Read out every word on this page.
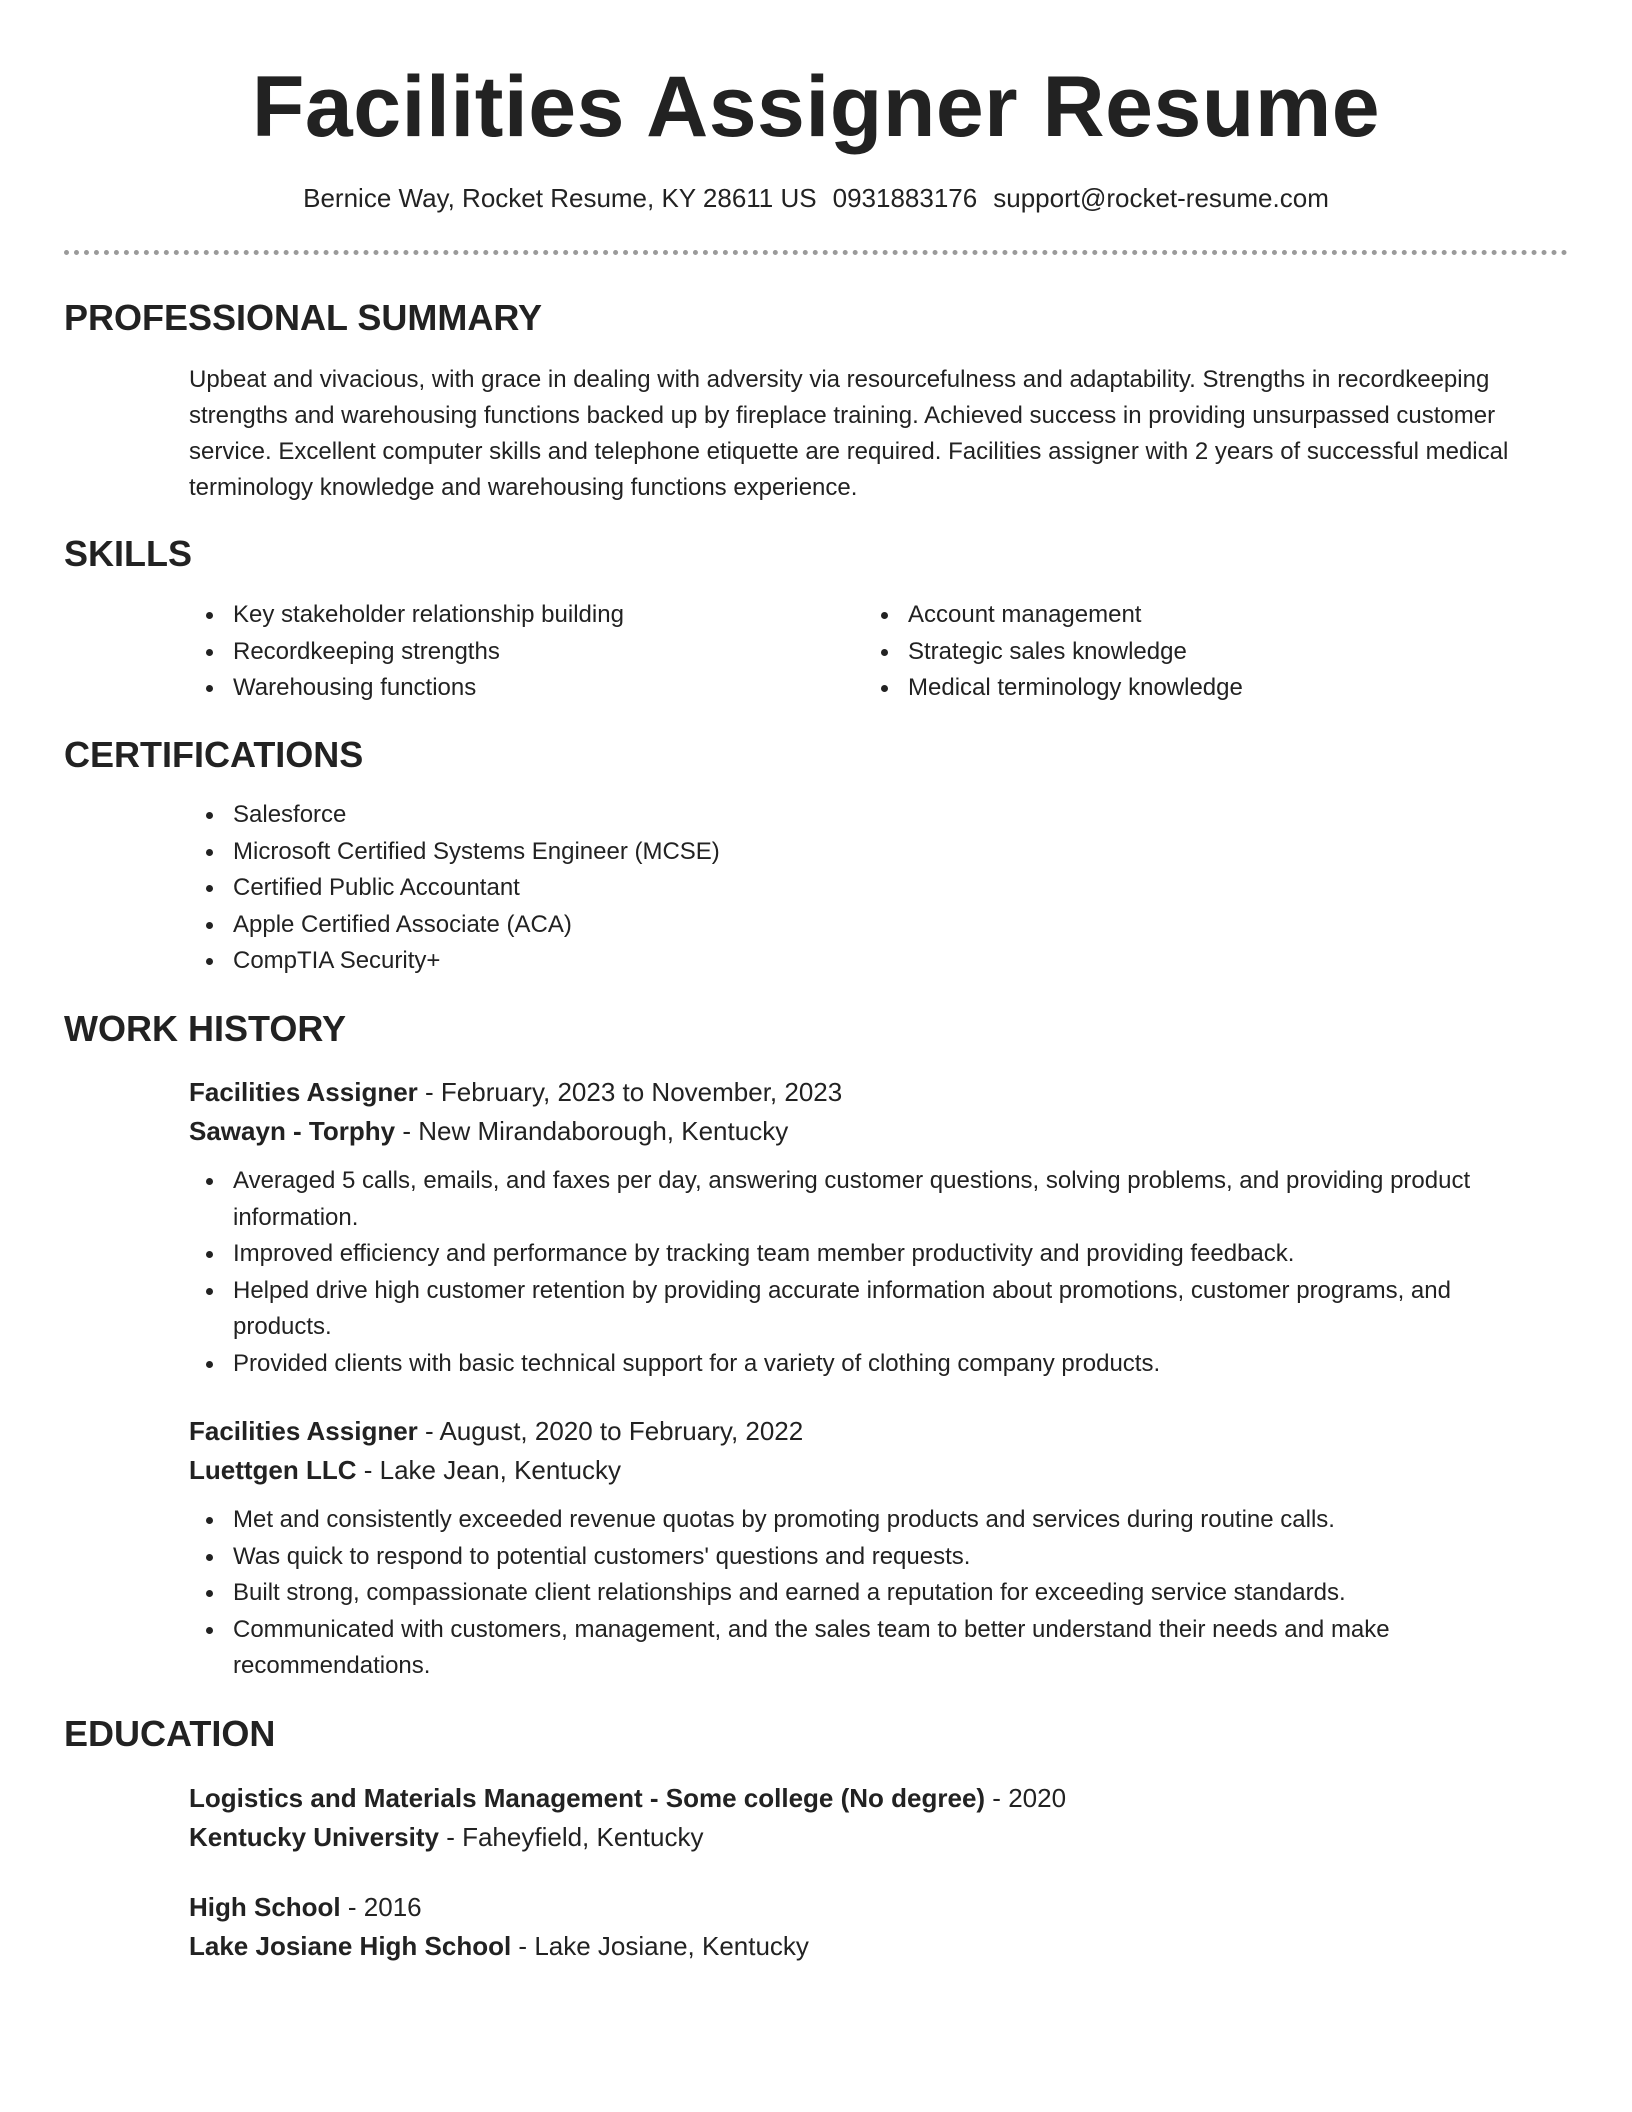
Facilities Assigner Resume
Bernice Way, Rocket Resume, KY 28611 US 0931883176 support@rocket-resume.com
PROFESSIONAL SUMMARY

Upbeat and vivacious, with grace in dealing with adversity via resourcefulness and adaptability. Strengths in recordkeeping strengths and warehousing functions backed up by fireplace training. Achieved success in providing unsurpassed customer service. Excellent computer skills and telephone etiquette are required. Facilities assigner with 2 years of successful medical terminology knowledge and warehousing functions experience.

SKILLS
Key stakeholder relationship building
Recordkeeping strengths
Warehousing functions
Account management
Strategic sales knowledge
Medical terminology knowledge
CERTIFICATIONS
Salesforce
Microsoft Certified Systems Engineer (MCSE)
Certified Public Accountant
Apple Certified Associate (ACA)
CompTIA Security+
WORK HISTORY
Facilities Assigner - February, 2023 to November, 2023
Sawayn - Torphy - New Mirandaborough, Kentucky
Averaged 5 calls, emails, and faxes per day, answering customer questions, solving problems, and providing product information.
Improved efficiency and performance by tracking team member productivity and providing feedback.
Helped drive high customer retention by providing accurate information about promotions, customer programs, and products.
Provided clients with basic technical support for a variety of clothing company products.
Facilities Assigner - August, 2020 to February, 2022
Luettgen LLC - Lake Jean, Kentucky
Met and consistently exceeded revenue quotas by promoting products and services during routine calls.
Was quick to respond to potential customers' questions and requests.
Built strong, compassionate client relationships and earned a reputation for exceeding service standards.
Communicated with customers, management, and the sales team to better understand their needs and make recommendations.
EDUCATION
Logistics and Materials Management - Some college (No degree) - 2020
Kentucky University - Faheyfield, Kentucky
High School - 2016
Lake Josiane High School - Lake Josiane, Kentucky
